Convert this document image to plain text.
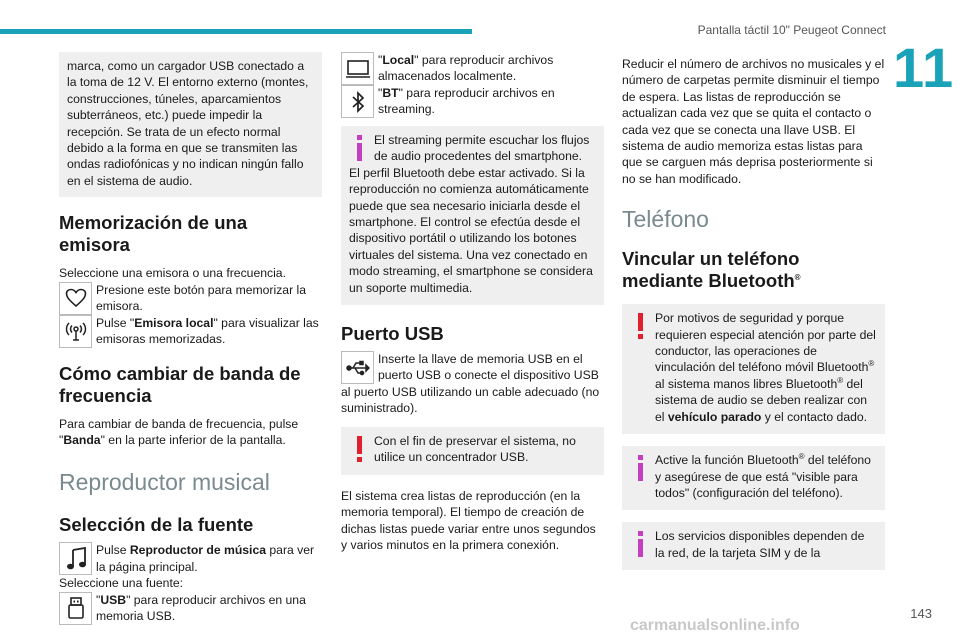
Pantalla táctil 10" Peugeot Connect
11

marca, como un cargador USB conectado a la toma de 12 V. El entorno externo (montes, construcciones, túneles, aparcamientos subterráneos, etc.) puede impedir la recepción. Se trata de un efecto normal debido a la forma en que se transmiten las ondas radiofónicas y no indican ningún fallo en el sistema de audio.

Memorización de una emisora

Seleccione una emisora o una frecuencia.

Presione este botón para memorizar la emisora.

Pulse "Emisora local" para visualizar las emisoras memorizadas.

Cómo cambiar de banda de frecuencia

Para cambiar de banda de frecuencia, pulse "Banda" en la parte inferior de la pantalla.

Reproductor musical
Selección de la fuente

Pulse Reproductor de música para ver la página principal.

Seleccione una fuente:

"USB" para reproducir archivos en una memoria USB.

"Local" para reproducir archivos almacenados localmente.

"BT" para reproducir archivos en streaming.

El streaming permite escuchar los flujos de audio procedentes del smartphone.

El perfil Bluetooth debe estar activado. Si la reproducción no comienza automáticamente puede que sea necesario iniciarla desde el smartphone. El control se efectúa desde el dispositivo portátil o utilizando los botones virtuales del sistema. Una vez conectado en modo streaming, el smartphone se considera un soporte multimedia.

Puerto USB

Inserte la llave de memoria USB en el puerto USB o conecte el dispositivo USB

al puerto USB utilizando un cable adecuado (no suministrado).

Con el fin de preservar el sistema, no utilice un concentrador USB.

El sistema crea listas de reproducción (en la memoria temporal). El tiempo de creación de dichas listas puede variar entre unos segundos y varios minutos en la primera conexión.

Reducir el número de archivos no musicales y el número de carpetas permite disminuir el tiempo de espera. Las listas de reproducción se actualizan cada vez que se quita el contacto o cada vez que se conecta una llave USB. El sistema de audio memoriza estas listas para que se carguen más deprisa posteriormente si no se han modificado.

Teléfono
Vincular un teléfono mediante Bluetooth®

Por motivos de seguridad y porque requieren especial atención por parte del conductor, las operaciones de vinculación del teléfono móvil Bluetooth® al sistema manos libres Bluetooth® del sistema de audio se deben realizar con el vehículo parado y el contacto dado.

Active la función Bluetooth® del teléfono y asegúrese de que está "visible para todos" (configuración del teléfono).

Los servicios disponibles dependen de la red, de la tarjeta SIM y de la

143
carmanualsonline.info
